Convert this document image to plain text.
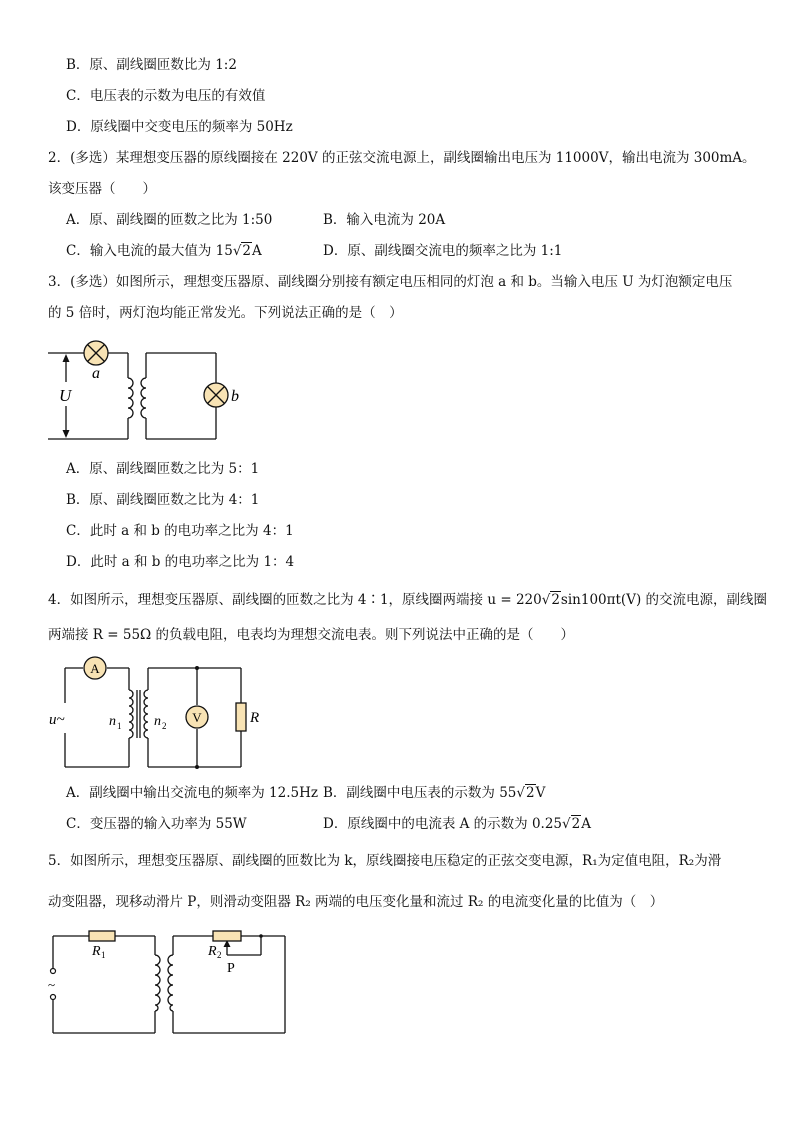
B．原、副线圈匝数比为 1:2
C．电压表的示数为电压的有效值
D．原线圈中交变电压的频率为 50Hz
2．(多选）某理想变压器的原线圈接在 220V 的正弦交流电源上，副线圈输出电压为 11000V，输出电流为 300mA。
该变压器（　　）
A．原、副线圈的匝数之比为 1:50	B．输入电流为 20A
C．输入电流的最大值为 15√2A	D．原、副线圈交流电的频率之比为 1:1
3．(多选）如图所示，理想变压器原、副线圈分别接有额定电压相同的灯泡 a 和 b。当输入电压 U 为灯泡额定电压
的 5 倍时，两灯泡均能正常发光。下列说法正确的是（　）
a
b
U
A．原、副线圈匝数之比为 5：1
B．原、副线圈匝数之比为 4：1
C．此时 a 和 b 的电功率之比为 4：1
D．此时 a 和 b 的电功率之比为 1：4
4．如图所示，理想变压器原、副线圈的匝数之比为 4∶1，原线圈两端接 u = 220√2sin100πt(V) 的交流电源，副线圈
两端接 R = 55Ω 的负载电阻，电表均为理想交流电表。则下列说法中正确的是（　　）
A
V	R
u~	n 1 n 2
A．副线圈中输出交流电的频率为 12.5Hz B．副线圈中电压表的示数为 55√2V
C．变压器的输入功率为 55W	D．原线圈中的电流表 A 的示数为 0.25√2A
5．如图所示，理想变压器原、副线圈的匝数比为 k，原线圈接电压稳定的正弦交变电源，R₁为定值电阻，R₂为滑
动变阻器，现移动滑片 P，则滑动变阻器 R₂ 两端的电压变化量和流过 R₂ 的电流变化量的比值为（　）
~
R 1	R 2
P
